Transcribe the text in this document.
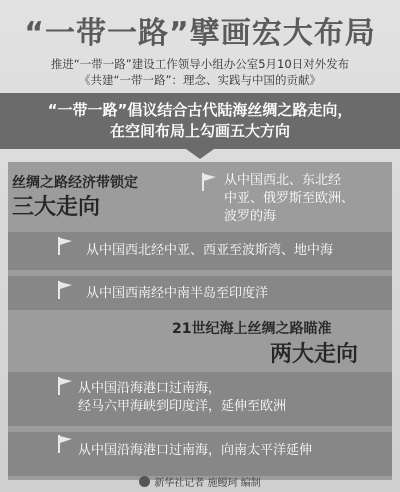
“一带一路”擘画宏大布局
推进“一带一路”建设工作领导小组办公室5月10日对外发布
《共建“一带一路”：理念、实践与中国的贡献》
“一带一路”倡议结合古代陆海丝绸之路走向，
在空间布局上勾画五大方向
丝绸之路经济带锁定
三大走向
从中国西北、东北经
中亚、俄罗斯至欧洲、
波罗的海
从中国西北经中亚、西亚至波斯湾、地中海
从中国西南经中南半岛至印度洋
21世纪海上丝绸之路瞄准
两大走向
从中国沿海港口过南海，
经马六甲海峡到印度洋，延伸至欧洲
从中国沿海港口过南海，向南太平洋延伸
新华社记者 施鳗珂 编制
